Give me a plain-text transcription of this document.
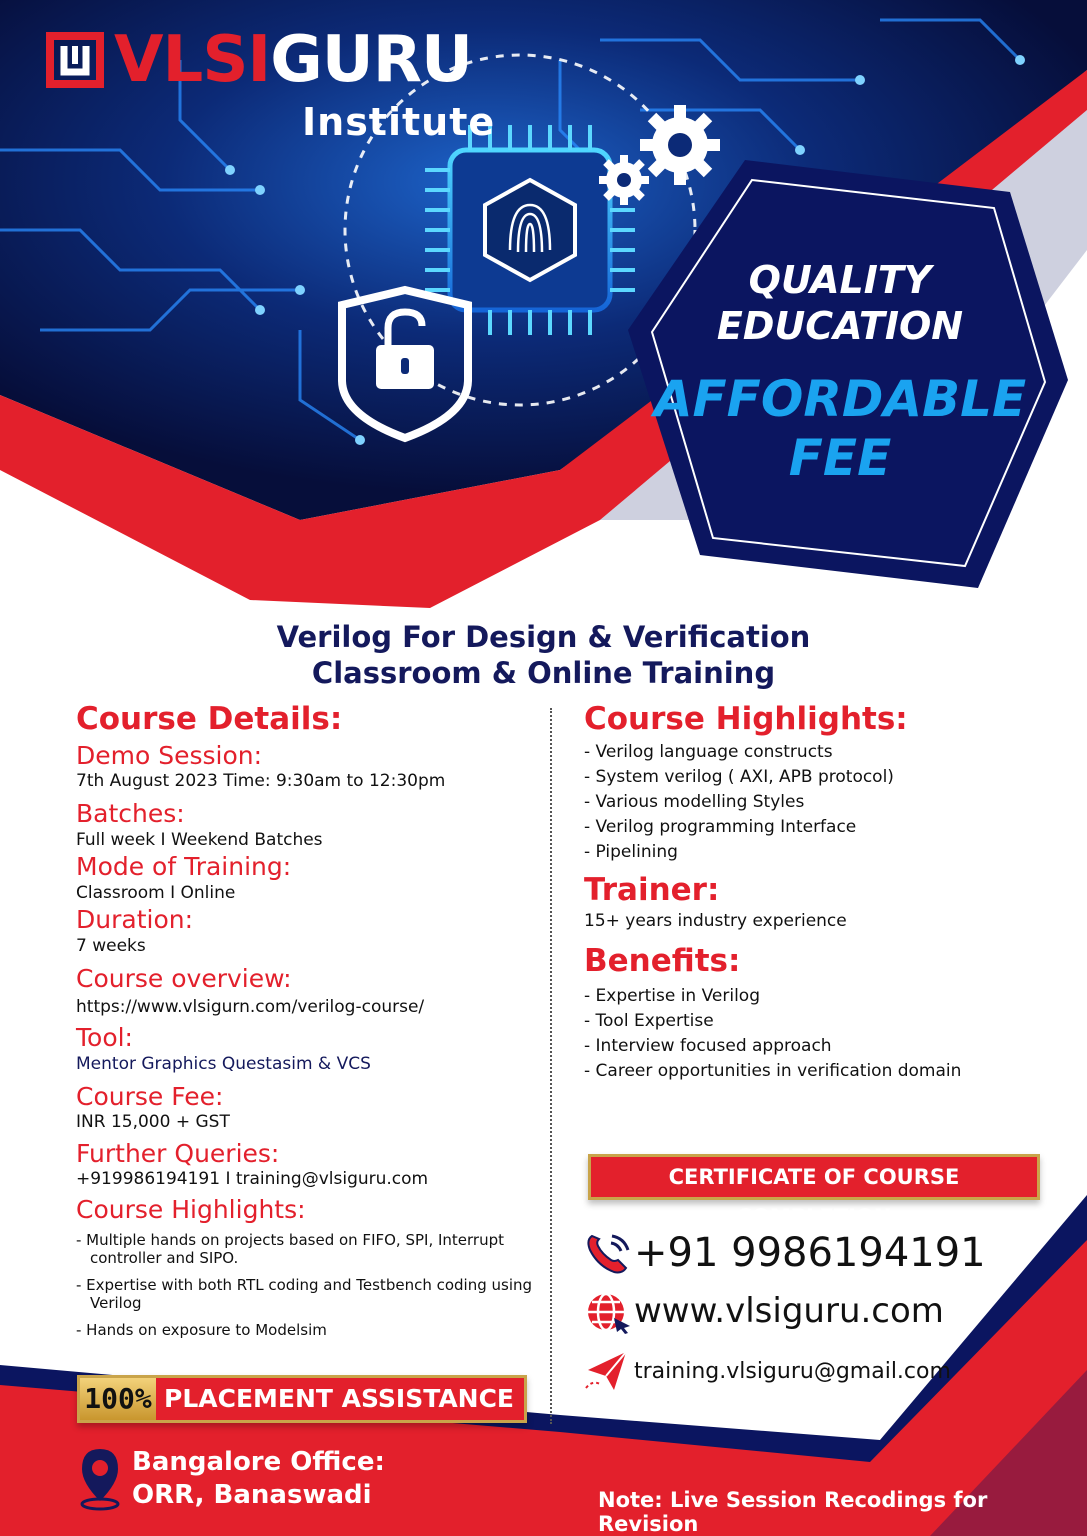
VLSIGURU
Institute
QUALITY
EDUCATION
AFFORDABLE
FEE
Verilog For Design & Verification
Classroom & Online Training
Course Details:
Demo Session:
7th August 2023 Time: 9:30am to 12:30pm
Batches:
Full week I Weekend Batches
Mode of Training:
Classroom I Online
Duration:
7 weeks
Course overview:
https://www.vlsigurn.com/verilog-course/
Tool:
Mentor Graphics Questasim & VCS
Course Fee:
INR 15,000 + GST
Further Queries:
+919986194191 I training@vlsiguru.com
Course Highlights:
- Multiple hands on projects based on FIFO, SPI, Interrupt controller and SIPO.
- Expertise with both RTL coding and Testbench coding using Verilog
- Hands on exposure to Modelsim
Course Highlights:
- Verilog language constructs
- System verilog ( AXI, APB protocol)
- Various modelling Styles
- Verilog programming Interface
- Pipelining
Trainer:
15+ years industry experience
Benefits:
- Expertise in Verilog
- Tool Expertise
- Interview focused approach
- Career opportunities in verification domain
CERTIFICATE OF COURSE COMPLETION
+91 9986194191
www.vlsiguru.com
training.vlsiguru@gmail.com
100% PLACEMENT ASSISTANCE
Bangalore Office:
ORR, Banaswadi	Note: Live Session Recodings for Revision
